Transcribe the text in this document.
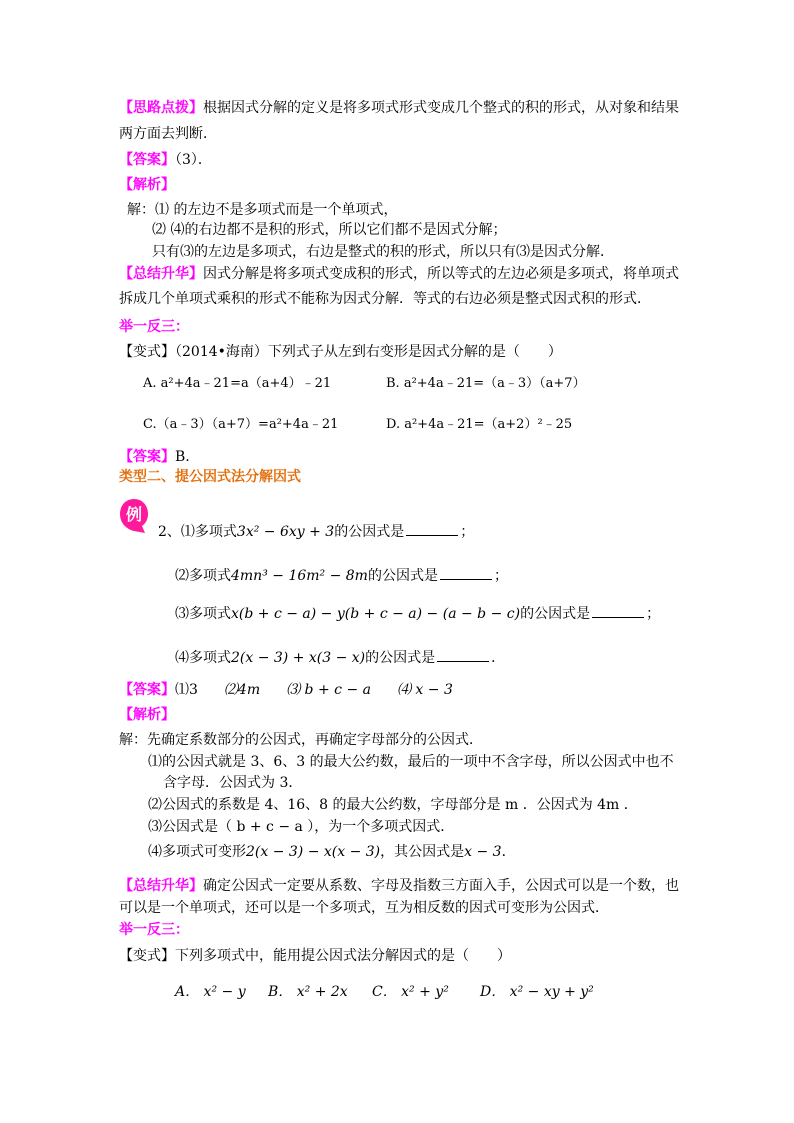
【思路点拨】根据因式分解的定义是将多项式形式变成几个整式的积的形式，从对象和结果
两方面去判断．
【答案】（3）．
【解析】
解：⑴ 的左边不是多项式而是一个单项式，
⑵ ⑷的右边都不是积的形式，所以它们都不是因式分解；
只有⑶的左边是多项式，右边是整式的积的形式，所以只有⑶是因式分解．
【总结升华】因式分解是将多项式变成积的形式，所以等式的左边必须是多项式，将单项式
拆成几个单项式乘积的形式不能称为因式分解．等式的右边必须是整式因式积的形式．
举一反三：
【变式】（2014•海南）下列式子从左到右变形是因式分解的是（　　）
A. a²+4a﹣21=a（a+4）﹣21	B. a²+4a﹣21=（a﹣3）（a+7）
C.（a﹣3）（a+7）=a²+4a﹣21	D. a²+4a﹣21=（a+2）²﹣25
【答案】B.
类型二、提公因式法分解因式
例
2、⑴多项式3x² − 6xy + 3的公因式是	；
⑵多项式4mn³ − 16m² − 8m的公因式是	；
⑶多项式x(b + c − a) − y(b + c − a) − (a − b − c)的公因式是	；
⑷多项式2(x − 3) + x(3 − x)的公因式是	．
【答案】⑴3 ⑵4m ⑶ b + c − a ⑷ x − 3
【解析】
解：先确定系数部分的公因式，再确定字母部分的公因式．
⑴的公因式就是 3、6、3 的最大公约数，最后的一项中不含字母，所以公因式中也不
含字母．公因式为 3．
⑵公因式的系数是 4、16、8 的最大公约数，字母部分是 m ．公因式为 4m ．
⑶公因式是（ b + c − a ），为一个多项式因式．
⑷多项式可变形2(x − 3) − x(x − 3)，其公因式是x − 3．
【总结升华】确定公因式一定要从系数、字母及指数三方面入手，公因式可以是一个数，也
可以是一个单项式，还可以是一个多项式，互为相反数的因式可变形为公因式．
举一反三：
【变式】下列多项式中，能用提公因式法分解因式的是（　　）
A． x² − y B． x² + 2x C． x² + y² D． x² − xy + y²
